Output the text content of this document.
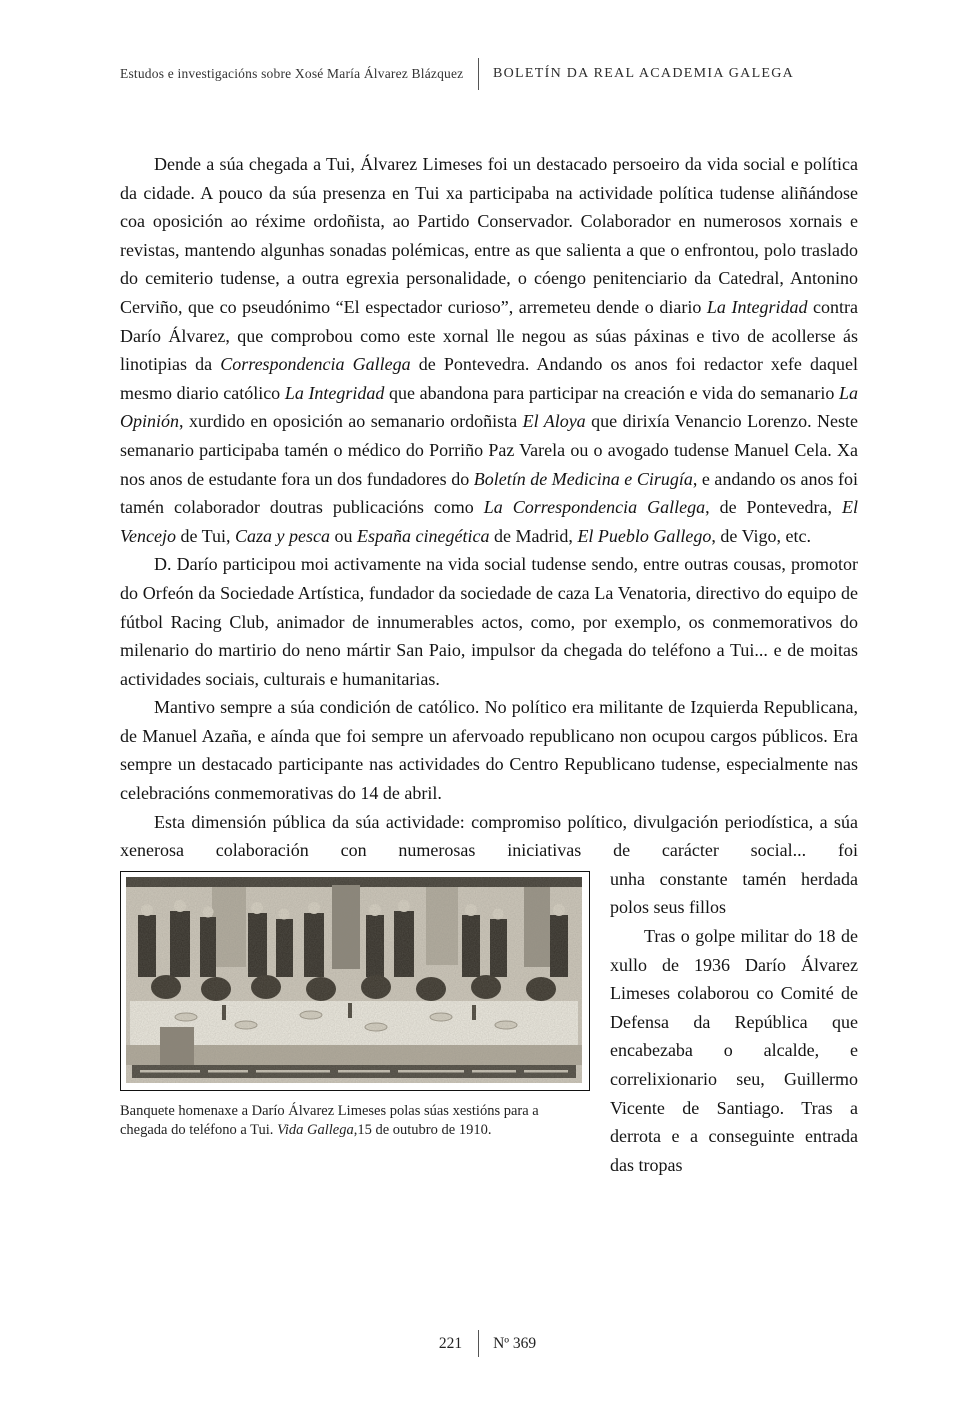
Estudos e investigacións sobre Xosé María Álvarez Blázquez	BOLETÍN DA REAL ACADEMIA GALEGA

Dende a súa chegada a Tui, Álvarez Limeses foi un destacado persoeiro da vida social e política da cidade. A pouco da súa presenza en Tui xa participaba na actividade política tudense aliñándose coa oposición ao réxime ordoñista, ao Partido Conservador. Colaborador en numerosos xornais e revistas, mantendo algunhas sonadas polémicas, entre as que salienta a que o enfrontou, polo traslado do cemiterio tudense, a outra egrexia personalidade, o cóengo penitenciario da Catedral, Antonino Cerviño, que co pseudónimo “El espectador curioso”, arremeteu dende o diario La Integridad contra Darío Álvarez, que comprobou como este xornal lle negou as súas páxinas e tivo de acollerse ás linotipias da Correspondencia Gallega de Pontevedra. Andando os anos foi redactor xefe daquel mesmo diario católico La Integridad que abandona para participar na creación e vida do semanario La Opinión, xurdido en oposición ao semanario ordoñista El Aloya que dirixía Venancio Lorenzo. Neste semanario participaba tamén o médico do Porriño Paz Varela ou o avogado tudense Manuel Cela. Xa nos anos de estudante fora un dos fundadores do Boletín de Medicina e Cirugía, e andando os anos foi tamén colaborador doutras publicacións como La Correspondencia Gallega, de Pontevedra, El Vencejo de Tui, Caza y pesca ou España cinegética de Madrid, El Pueblo Gallego, de Vigo, etc.

D. Darío participou moi activamente na vida social tudense sendo, entre outras cousas, promotor do Orfeón da Sociedade Artística, fundador da sociedade de caza La Venatoria, directivo do equipo de fútbol Racing Club, animador de innumerables actos, como, por exemplo, os conmemorativos do milenario do martirio do neno mártir San Paio, impulsor da chegada do teléfono a Tui... e de moitas actividades sociais, culturais e humanitarias.

Mantivo sempre a súa condición de católico. No político era militante de Izquierda Republicana, de Manuel Azaña, e aínda que foi sempre un afervoado republicano non ocupou cargos públicos. Era sempre un destacado participante nas actividades do Centro Republicano tudense, especialmente nas celebracións conmemorativas do 14 de abril.

Esta dimensión pública da súa actividade: compromiso político, divulgación periodística, a súa xenerosa colaboración con numerosas iniciativas de carácter social... foi

Banquete homenaxe a Darío Álvarez Limeses polas súas xestións para a chegada do teléfono a Tui. Vida Gallega,15 de outubro de 1910.

unha constante tamén herdada polos seus fillos

Tras o golpe militar do 18 de xullo de 1936 Darío Álvarez Limeses colaborou co Comité de Defensa da República que encabezaba o alcalde, e correlixionario seu, Guillermo Vicente de Santiago. Tras a derrota e a conseguinte entrada das tropas

221 Nº 369
